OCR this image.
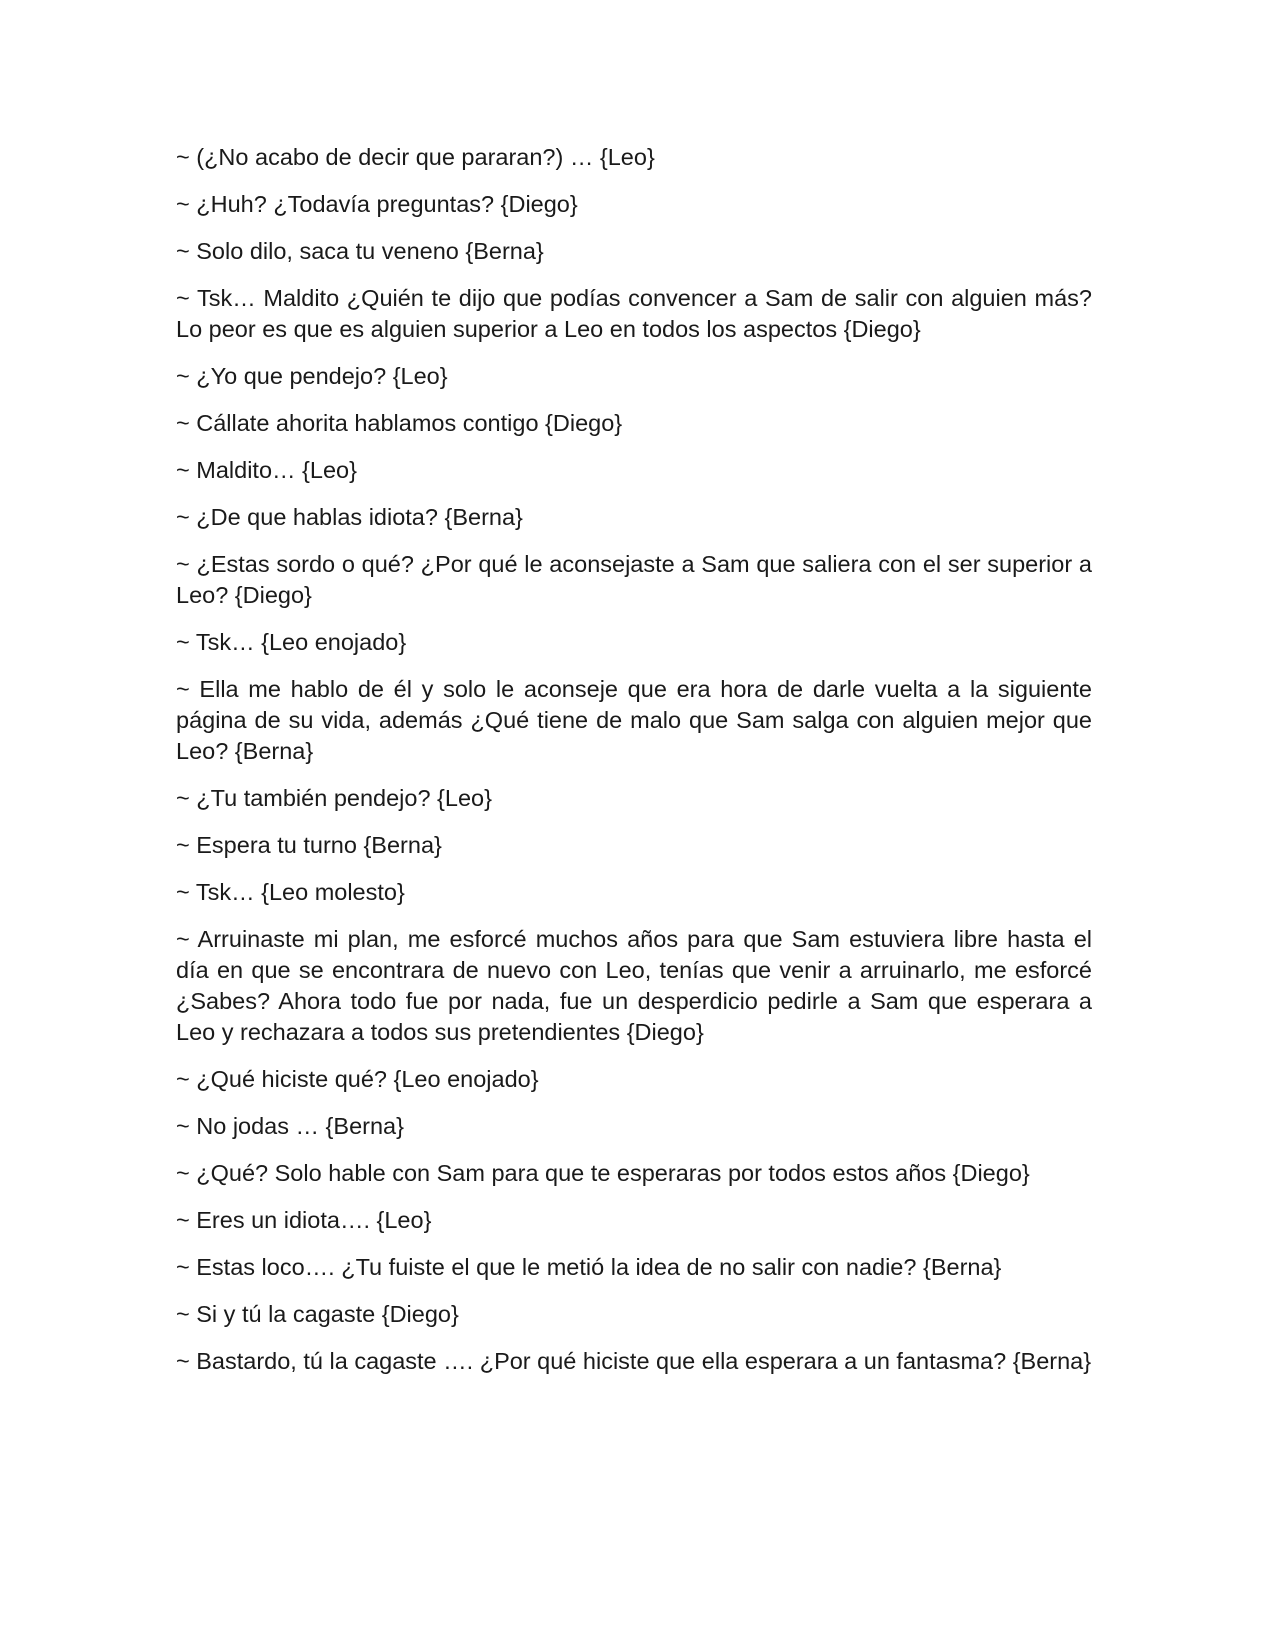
~ (¿No acabo de decir que pararan?) … {Leo}

~ ¿Huh? ¿Todavía preguntas? {Diego}

~ Solo dilo, saca tu veneno {Berna}

~ Tsk… Maldito ¿Quién te dijo que podías convencer a Sam de salir con alguien más? Lo peor es que es alguien superior a Leo en todos los aspectos {Diego}

~ ¿Yo que pendejo? {Leo}

~ Cállate ahorita hablamos contigo {Diego}

~ Maldito… {Leo}

~ ¿De que hablas idiota? {Berna}

~ ¿Estas sordo o qué? ¿Por qué le aconsejaste a Sam que saliera con el ser superior a Leo? {Diego}

~ Tsk… {Leo enojado}

~ Ella me hablo de él y solo le aconseje que era hora de darle vuelta a la siguiente página de su vida, además ¿Qué tiene de malo que Sam salga con alguien mejor que Leo? {Berna}

~ ¿Tu también pendejo? {Leo}

~ Espera tu turno {Berna}

~ Tsk… {Leo molesto}

~ Arruinaste mi plan, me esforcé muchos años para que Sam estuviera libre hasta el día en que se encontrara de nuevo con Leo, tenías que venir a arruinarlo, me esforcé ¿Sabes? Ahora todo fue por nada, fue un desperdicio pedirle a Sam que esperara a Leo y rechazara a todos sus pretendientes {Diego}

~ ¿Qué hiciste qué? {Leo enojado}

~ No jodas … {Berna}

~ ¿Qué? Solo hable con Sam para que te esperaras por todos estos años {Diego}

~ Eres un idiota…. {Leo}

~ Estas loco…. ¿Tu fuiste el que le metió la idea de no salir con nadie? {Berna}

~ Si y tú la cagaste {Diego}

~ Bastardo, tú la cagaste …. ¿Por qué hiciste que ella esperara a un fantasma? {Berna}
